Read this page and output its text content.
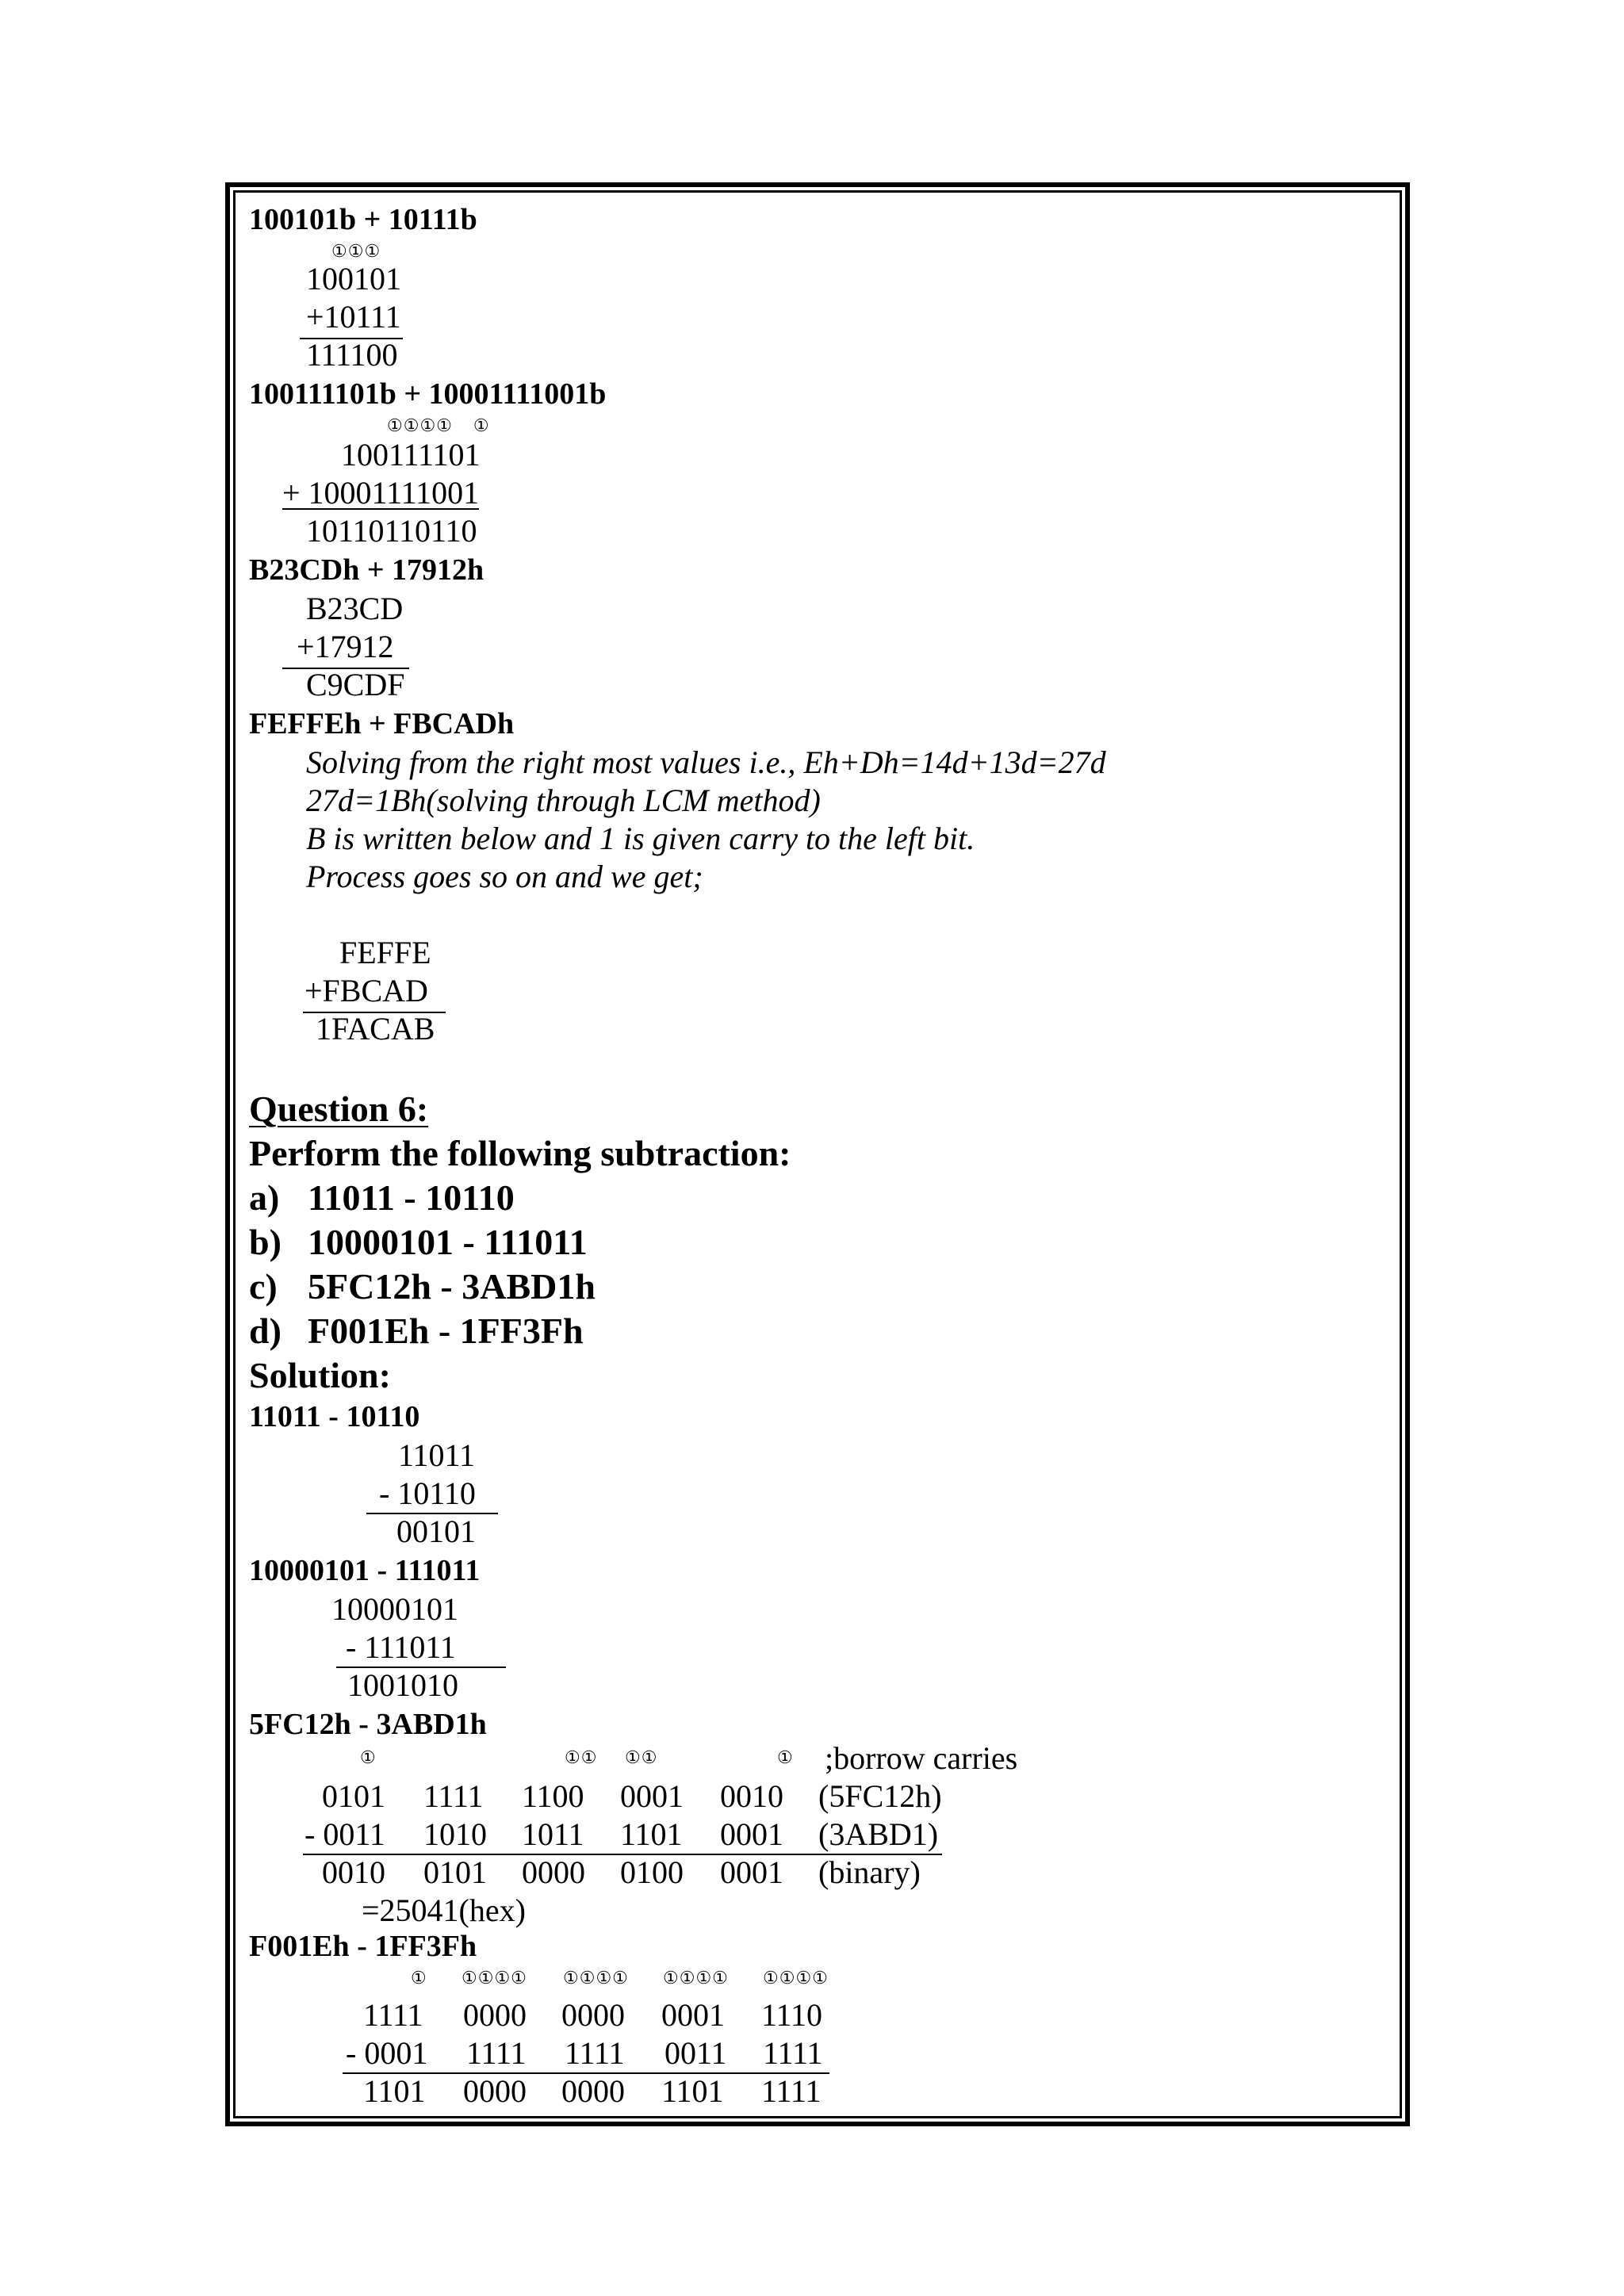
100101b + 10111b
①①①
100101
+10111
111100
100111101b + 10001111001b
①①①①    ①
100111101
+ 10001111001
10110110110
B23CDh + 17912h
B23CD
+17912
C9CDF
FEFFEh + FBCADh
Solving from the right most values i.e., Eh+Dh=14d+13d=27d
27d=1Bh(solving through LCM method)
B is written below and 1 is given carry to the left bit.
Process goes so on and we get;
FEFFE
+FBCAD
1FACAB
Question 6:
Perform the following subtraction:
a) 11011 - 10110
b) 10000101 - 111011
c) 5FC12h - 3ABD1h
d) F001Eh - 1FF3Fh
Solution:
11011 - 10110
11011
- 10110
00101
10000101 - 111011
10000101
- 111011
1001010
5FC12h - 3ABD1h
①	①① ①①	① ;borrow carries
0101 1111 1100 0001 0010 (5FC12h)
- 0011 1010 1011 1101 0001 (3ABD1)
0010 0101 0000 0100 0001 (binary)
=25041(hex)
F001Eh - 1FF3Fh
① ①①①① ①①①① ①①①① ①①①①
1111 0000 0000 0001 1110
- 0001 1111 1111 0011 1111
1101 0000 0000 1101 1111
